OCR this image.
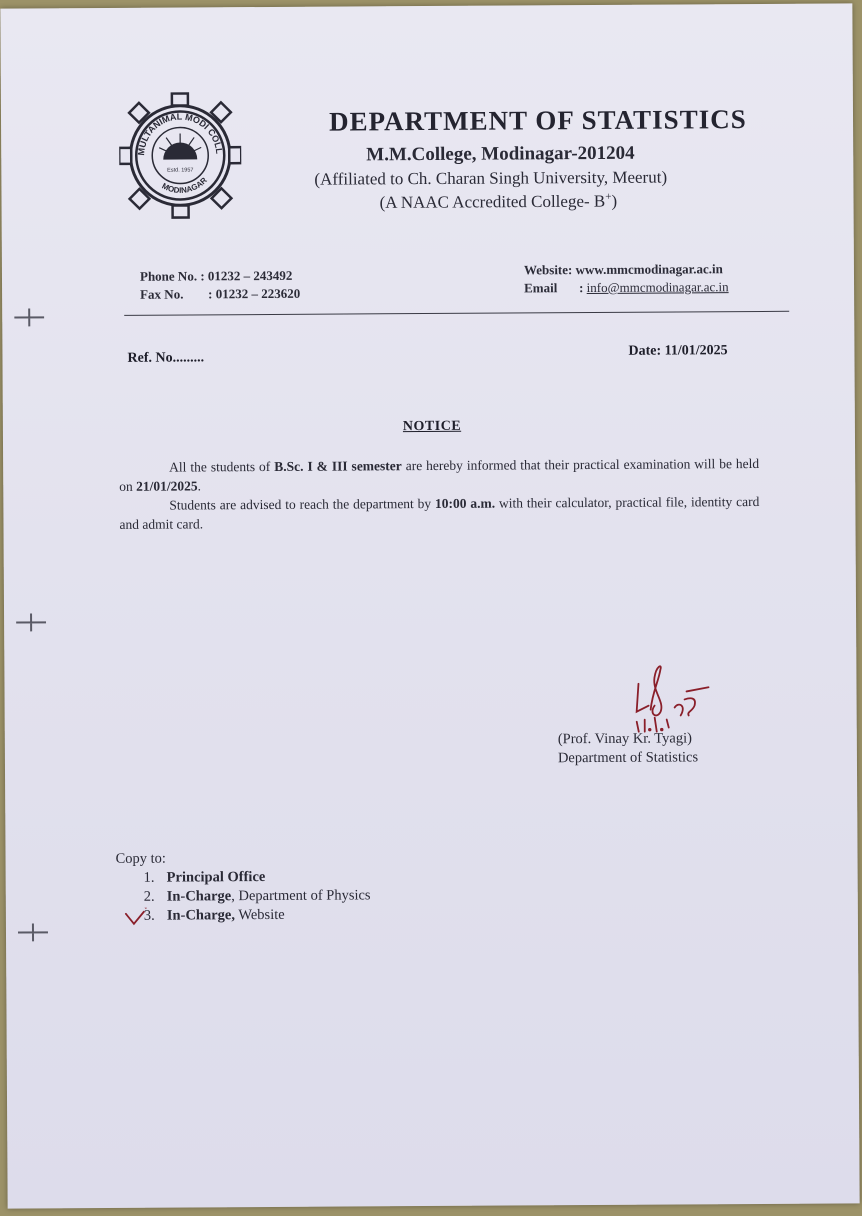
MULTANIMAL MODI COLLEGE
MODINAGAR
Estd. 1957
DEPARTMENT OF STATISTICS
M.M.College, Modinagar-201204
(Affiliated to Ch. Charan Singh University, Meerut)
(A NAAC Accredited College- B+)
Phone No. : 01232 – 243492
Fax No. : 01232 – 223620
Website: www.mmcmodinagar.ac.in
Email : info@mmcmodinagar.ac.in
Ref. No.........	Date: 11/01/2025
NOTICE

All the students of B.Sc. I & III semester are hereby informed that their practical examination will be held on 21/01/2025.

Students are advised to reach the department by 10:00 a.m. with their calculator, practical file, identity card and admit card.

(Prof. Vinay Kr. Tyagi)
Department of Statistics
Copy to:
1. Principal Office
2. In-Charge, Department of Physics
3. In-Charge, Website
